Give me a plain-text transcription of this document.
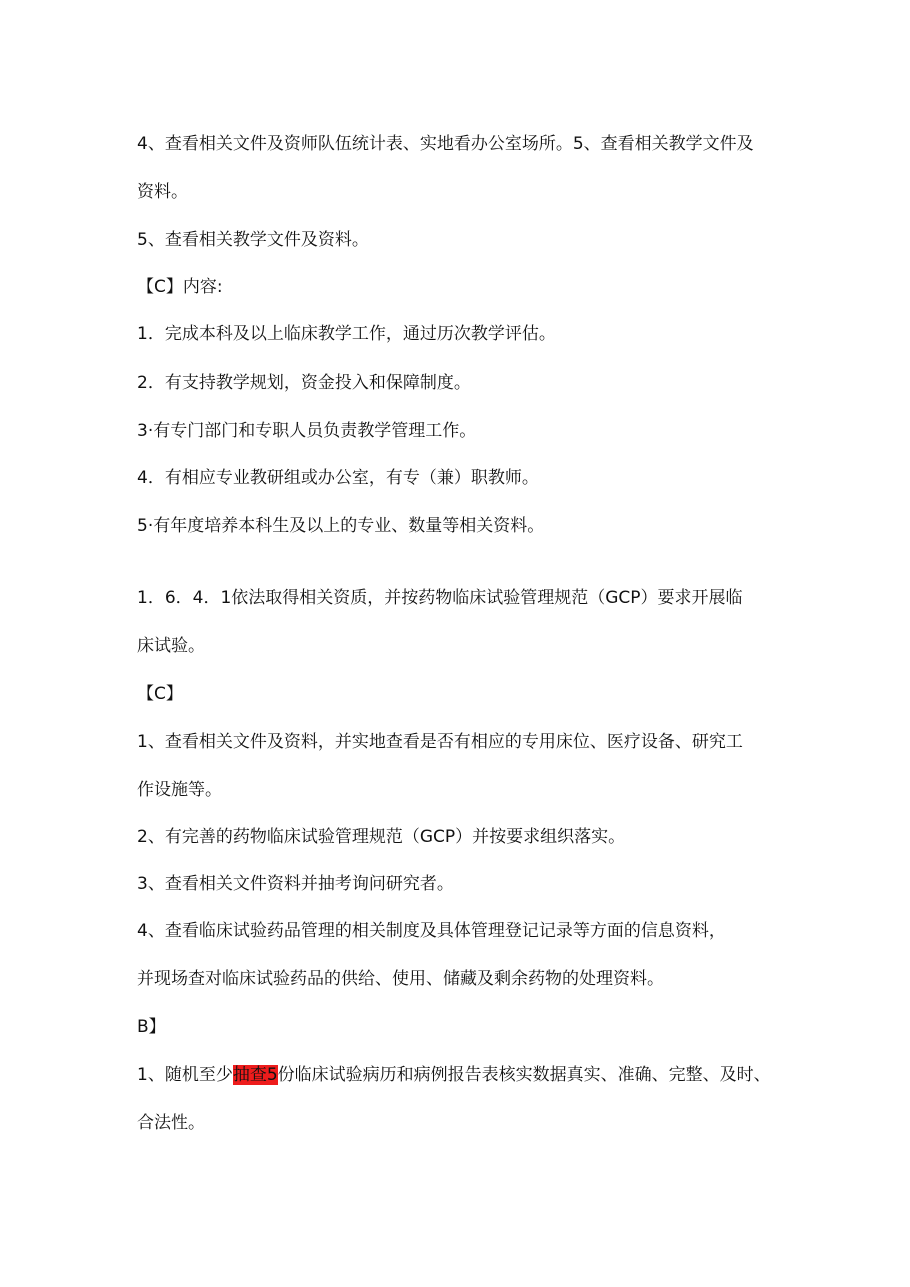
4、查看相关文件及资师队伍统计表、实地看办公室场所。5、查看相关教学文件及
资料。
5、查看相关教学文件及资料。
【C】内容:
1．完成本科及以上临床教学工作，通过历次教学评估。
2．有支持教学规划，资金投入和保障制度。
3·有专门部门和专职人员负责教学管理工作。
4．有相应专业教研组或办公室，有专（兼）职教师。
5·有年度培养本科生及以上的专业、数量等相关资料。
1．6．4．1依法取得相关资质，并按药物临床试验管理规范（GCP）要求开展临
床试验。
【C】
1、查看相关文件及资料，并实地查看是否有相应的专用床位、医疗设备、研究工
作设施等。
2、有完善的药物临床试验管理规范（GCP）并按要求组织落实。
3、查看相关文件资料并抽考询问研究者。
4、查看临床试验药品管理的相关制度及具体管理登记记录等方面的信息资料，
并现场查对临床试验药品的供给、使用、储藏及剩余药物的处理资料。
B】
1、随机至少抽查5份临床试验病历和病例报告表核实数据真实、准确、完整、及时、
合法性。
